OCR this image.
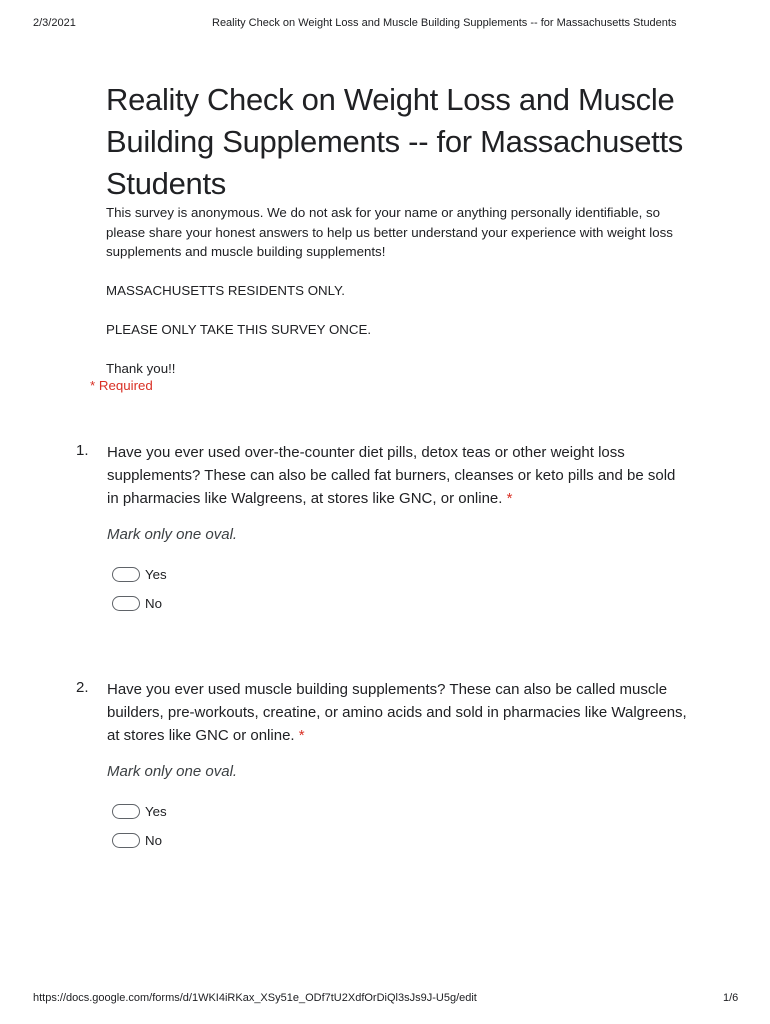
2/3/2021	Reality Check on Weight Loss and Muscle Building Supplements -- for Massachusetts Students
Reality Check on Weight Loss and Muscle Building Supplements -- for Massachusetts Students

This survey is anonymous. We do not ask for your name or anything personally identifiable, so please share your honest answers to help us better understand your experience with weight loss supplements and muscle building supplements!

MASSACHUSETTS RESIDENTS ONLY.

PLEASE ONLY TAKE THIS SURVEY ONCE.

Thank you!!

* Required
1. Have you ever used over-the-counter diet pills, detox teas or other weight loss supplements? These can also be called fat burners, cleanses or keto pills and be sold in pharmacies like Walgreens, at stores like GNC, or online. *
Mark only one oval.
Yes
No
2. Have you ever used muscle building supplements? These can also be called muscle builders, pre-workouts, creatine, or amino acids and sold in pharmacies like Walgreens, at stores like GNC or online. *
Mark only one oval.
Yes
No
https://docs.google.com/forms/d/1WKI4iRKax_XSy51e_ODf7tU2XdfOrDiQl3sJs9J-U5g/edit	1/6
